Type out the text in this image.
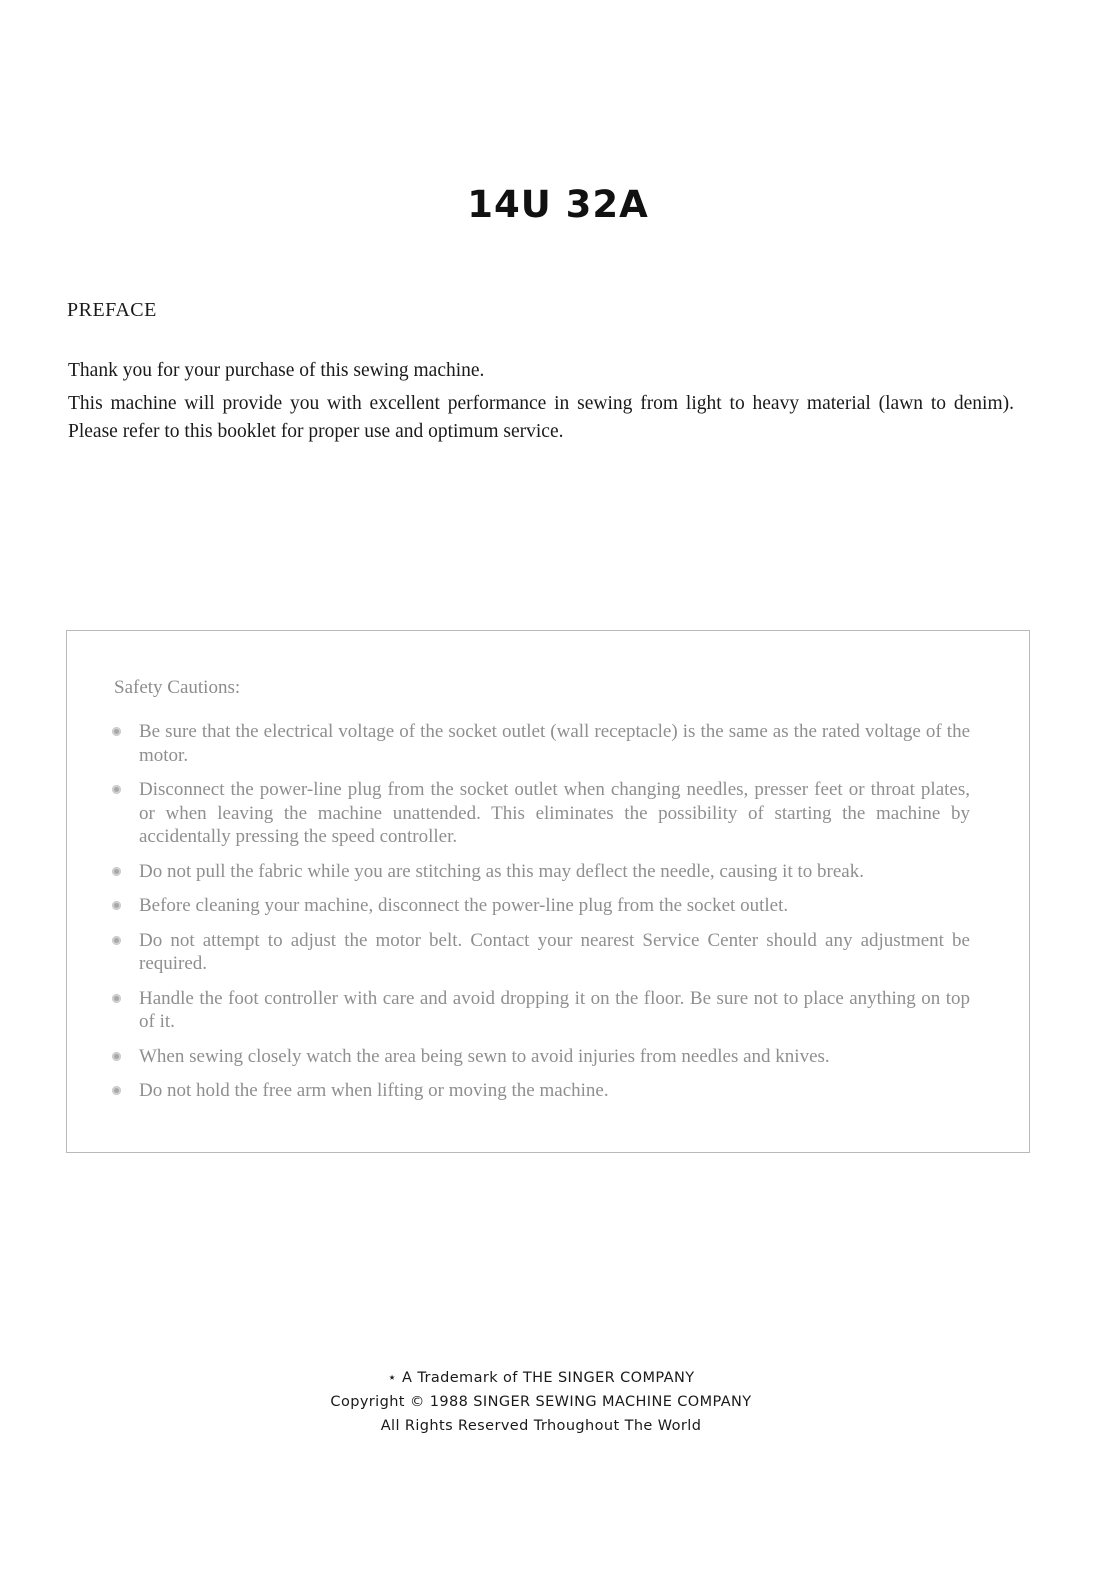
14U 32A
PREFACE

Thank you for your purchase of this sewing machine.

This machine will provide you with excellent performance in sewing from light to heavy material (lawn to denim). Please refer to this booklet for proper use and optimum service.

Safety Cautions:
Be sure that the electrical voltage of the socket outlet (wall receptacle) is the same as the rated voltage of the motor.
Disconnect the power-line plug from the socket outlet when changing needles, presser feet or throat plates, or when leaving the machine unattended. This eliminates the possibility of starting the machine by accidentally pressing the speed controller.
Do not pull the fabric while you are stitching as this may deflect the needle, causing it to break.
Before cleaning your machine, disconnect the power-line plug from the socket outlet.
Do not attempt to adjust the motor belt. Contact your nearest Service Center should any adjustment be required.
Handle the foot controller with care and avoid dropping it on the floor. Be sure not to place anything on top of it.
When sewing closely watch the area being sewn to avoid injuries from needles and knives.
Do not hold the free arm when lifting or moving the machine.
⋆ A Trademark of THE SINGER COMPANY
Copyright © 1988 SINGER SEWING MACHINE COMPANY
All Rights Reserved Trhoughout The World
